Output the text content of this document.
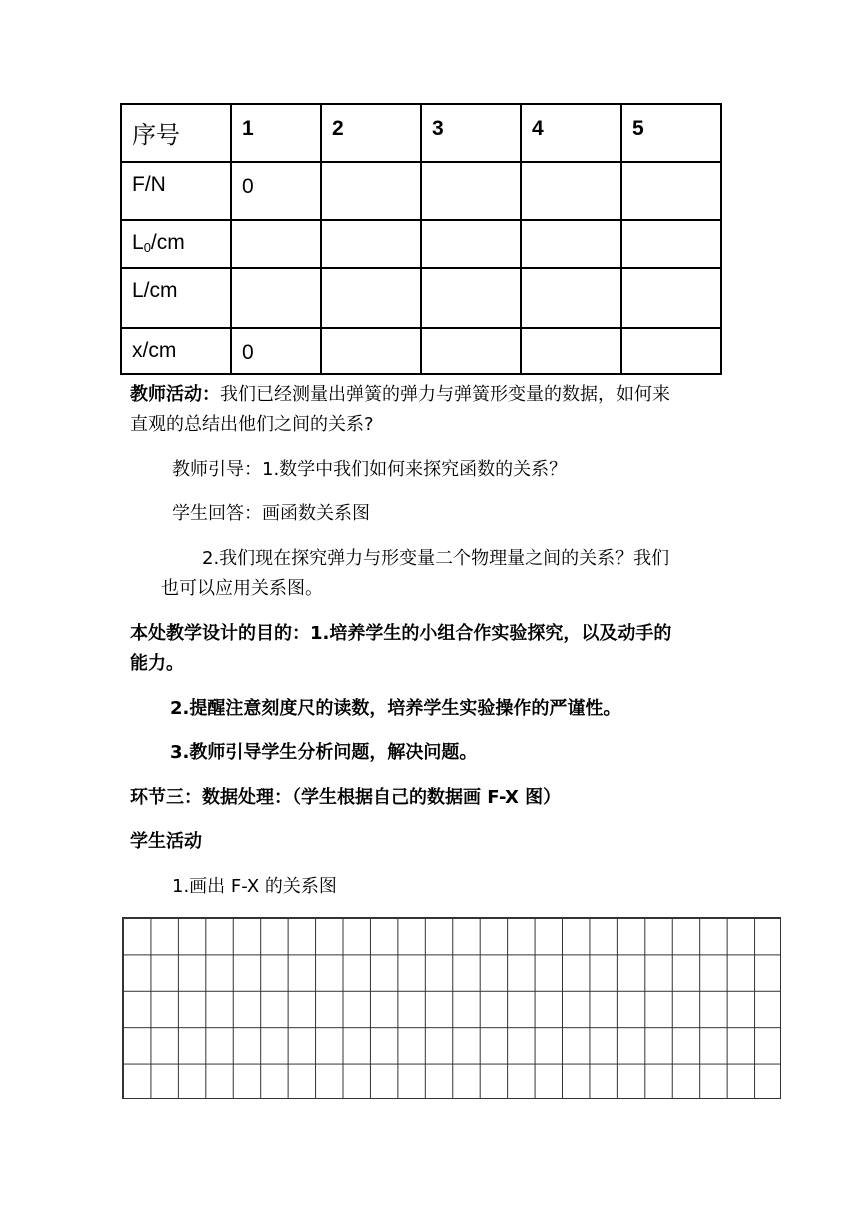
序号	1	2	3	4	5

F/N	0				

$L_0/cm$					

L/cm					

x/cm	0				

教师活动：我们已经测量出弹簧的弹力与弹簧形变量的数据，如何来
直观的总结出他们之间的关系?
教师引导：1.数学中我们如何来探究函数的关系？
学生回答：画函数关系图
2.我们现在探究弹力与形变量二个物理量之间的关系？我们
也可以应用关系图。
本处教学设计的目的：1.培养学生的小组合作实验探究，以及动手的
能力。
2.提醒注意刻度尺的读数，培养学生实验操作的严谨性。
3.教师引导学生分析问题，解决问题。
环节三：数据处理：（学生根据自己的数据画 F-X 图）
学生活动
1.画出 F-X 的关系图
